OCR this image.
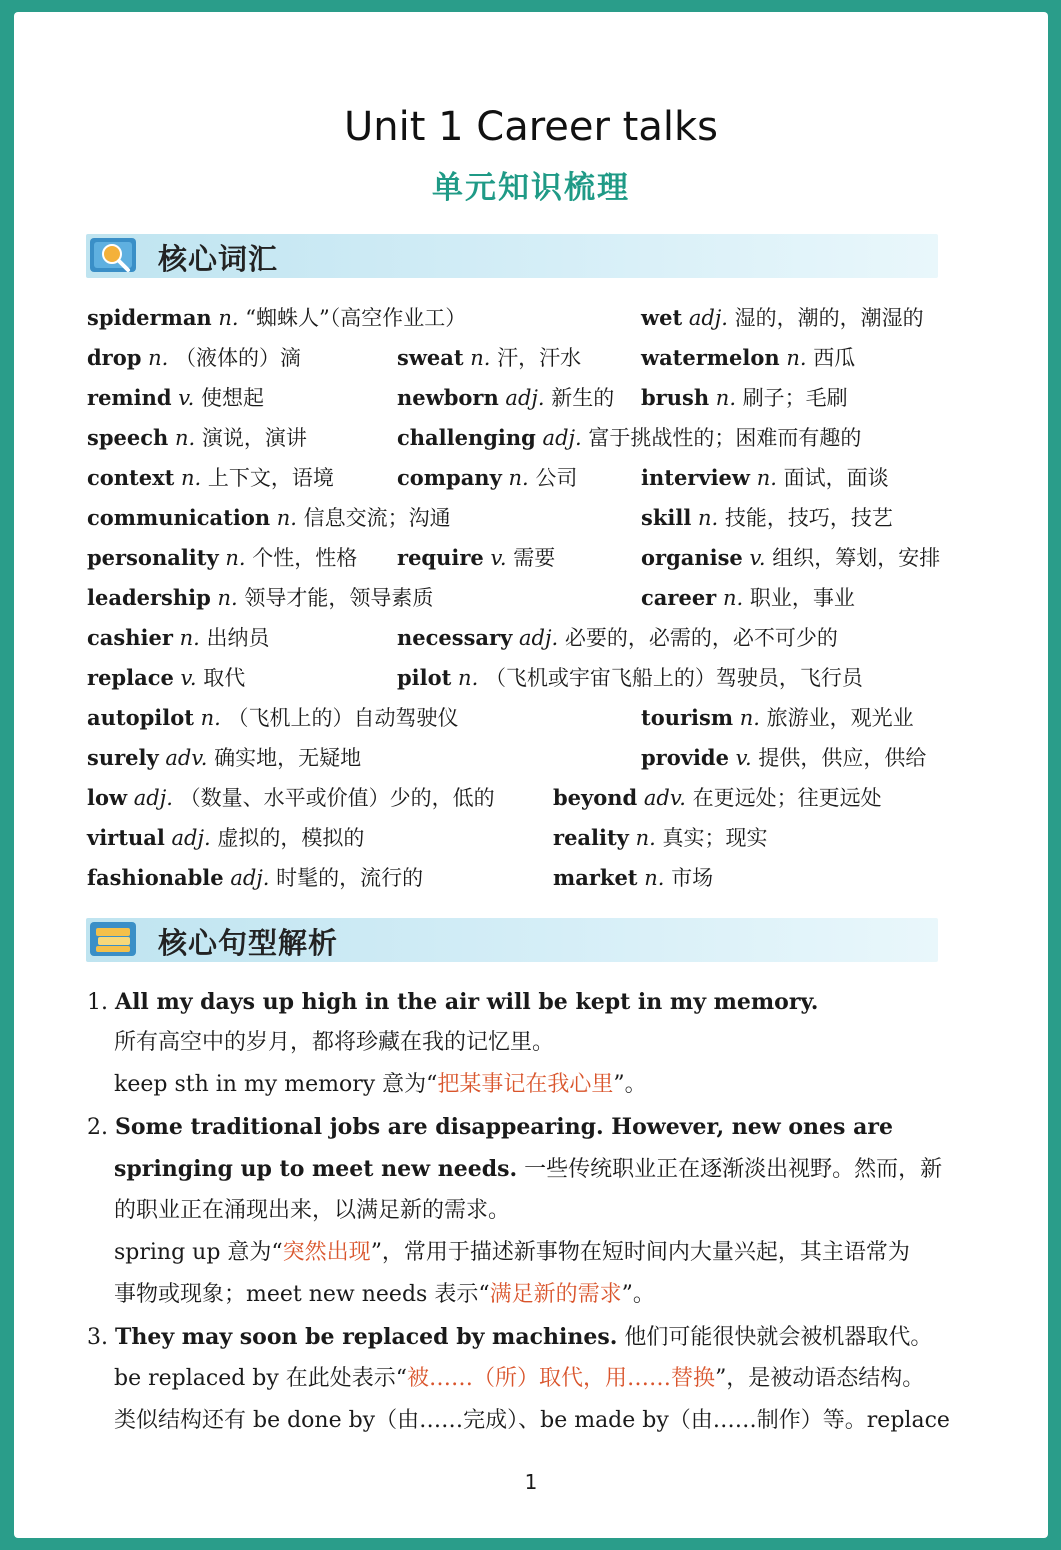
Unit 1 Career talks
单元知识梳理
核心词汇
spiderman n. “蜘蛛人”（高空作业工）	wet adj. 湿的，潮的，潮湿的
drop n. （液体的）滴	sweat n. 汗，汗水	watermelon n. 西瓜
remind v. 使想起	newborn adj. 新生的 brush n. 刷子；毛刷
speech n. 演说，演讲	challenging adj. 富于挑战性的；困难而有趣的
context n. 上下文，语境	company n. 公司	interview n. 面试，面谈
communication n. 信息交流；沟通	skill n. 技能，技巧，技艺
personality n. 个性，性格 require v. 需要	organise v. 组织，筹划，安排
leadership n. 领导才能，领导素质	career n. 职业，事业
cashier n. 出纳员	necessary adj. 必要的，必需的，必不可少的
replace v. 取代	pilot n. （飞机或宇宙飞船上的）驾驶员，飞行员
autopilot n. （飞机上的）自动驾驶仪	tourism n. 旅游业，观光业
surely adv. 确实地，无疑地	provide v. 提供，供应，供给
low adj. （数量、水平或价值）少的，低的	beyond adv. 在更远处；往更远处
virtual adj. 虚拟的，模拟的	reality n. 真实；现实
fashionable adj. 时髦的，流行的	market n. 市场
核心句型解析
1. All my days up high in the air will be kept in my memory.
所有高空中的岁月，都将珍藏在我的记忆里。
keep sth in my memory 意为“把某事记在我心里”。
2. Some traditional jobs are disappearing. However, new ones are
springing up to meet new needs. 一些传统职业正在逐渐淡出视野。然而，新
的职业正在涌现出来，以满足新的需求。
spring up 意为“突然出现”，常用于描述新事物在短时间内大量兴起，其主语常为
事物或现象；meet new needs 表示“满足新的需求”。
3. They may soon be replaced by machines. 他们可能很快就会被机器取代。
be replaced by 在此处表示“被……（所）取代，用……替换”，是被动语态结构。
类似结构还有 be done by（由……完成）、be made by（由……制作）等。replace
1
